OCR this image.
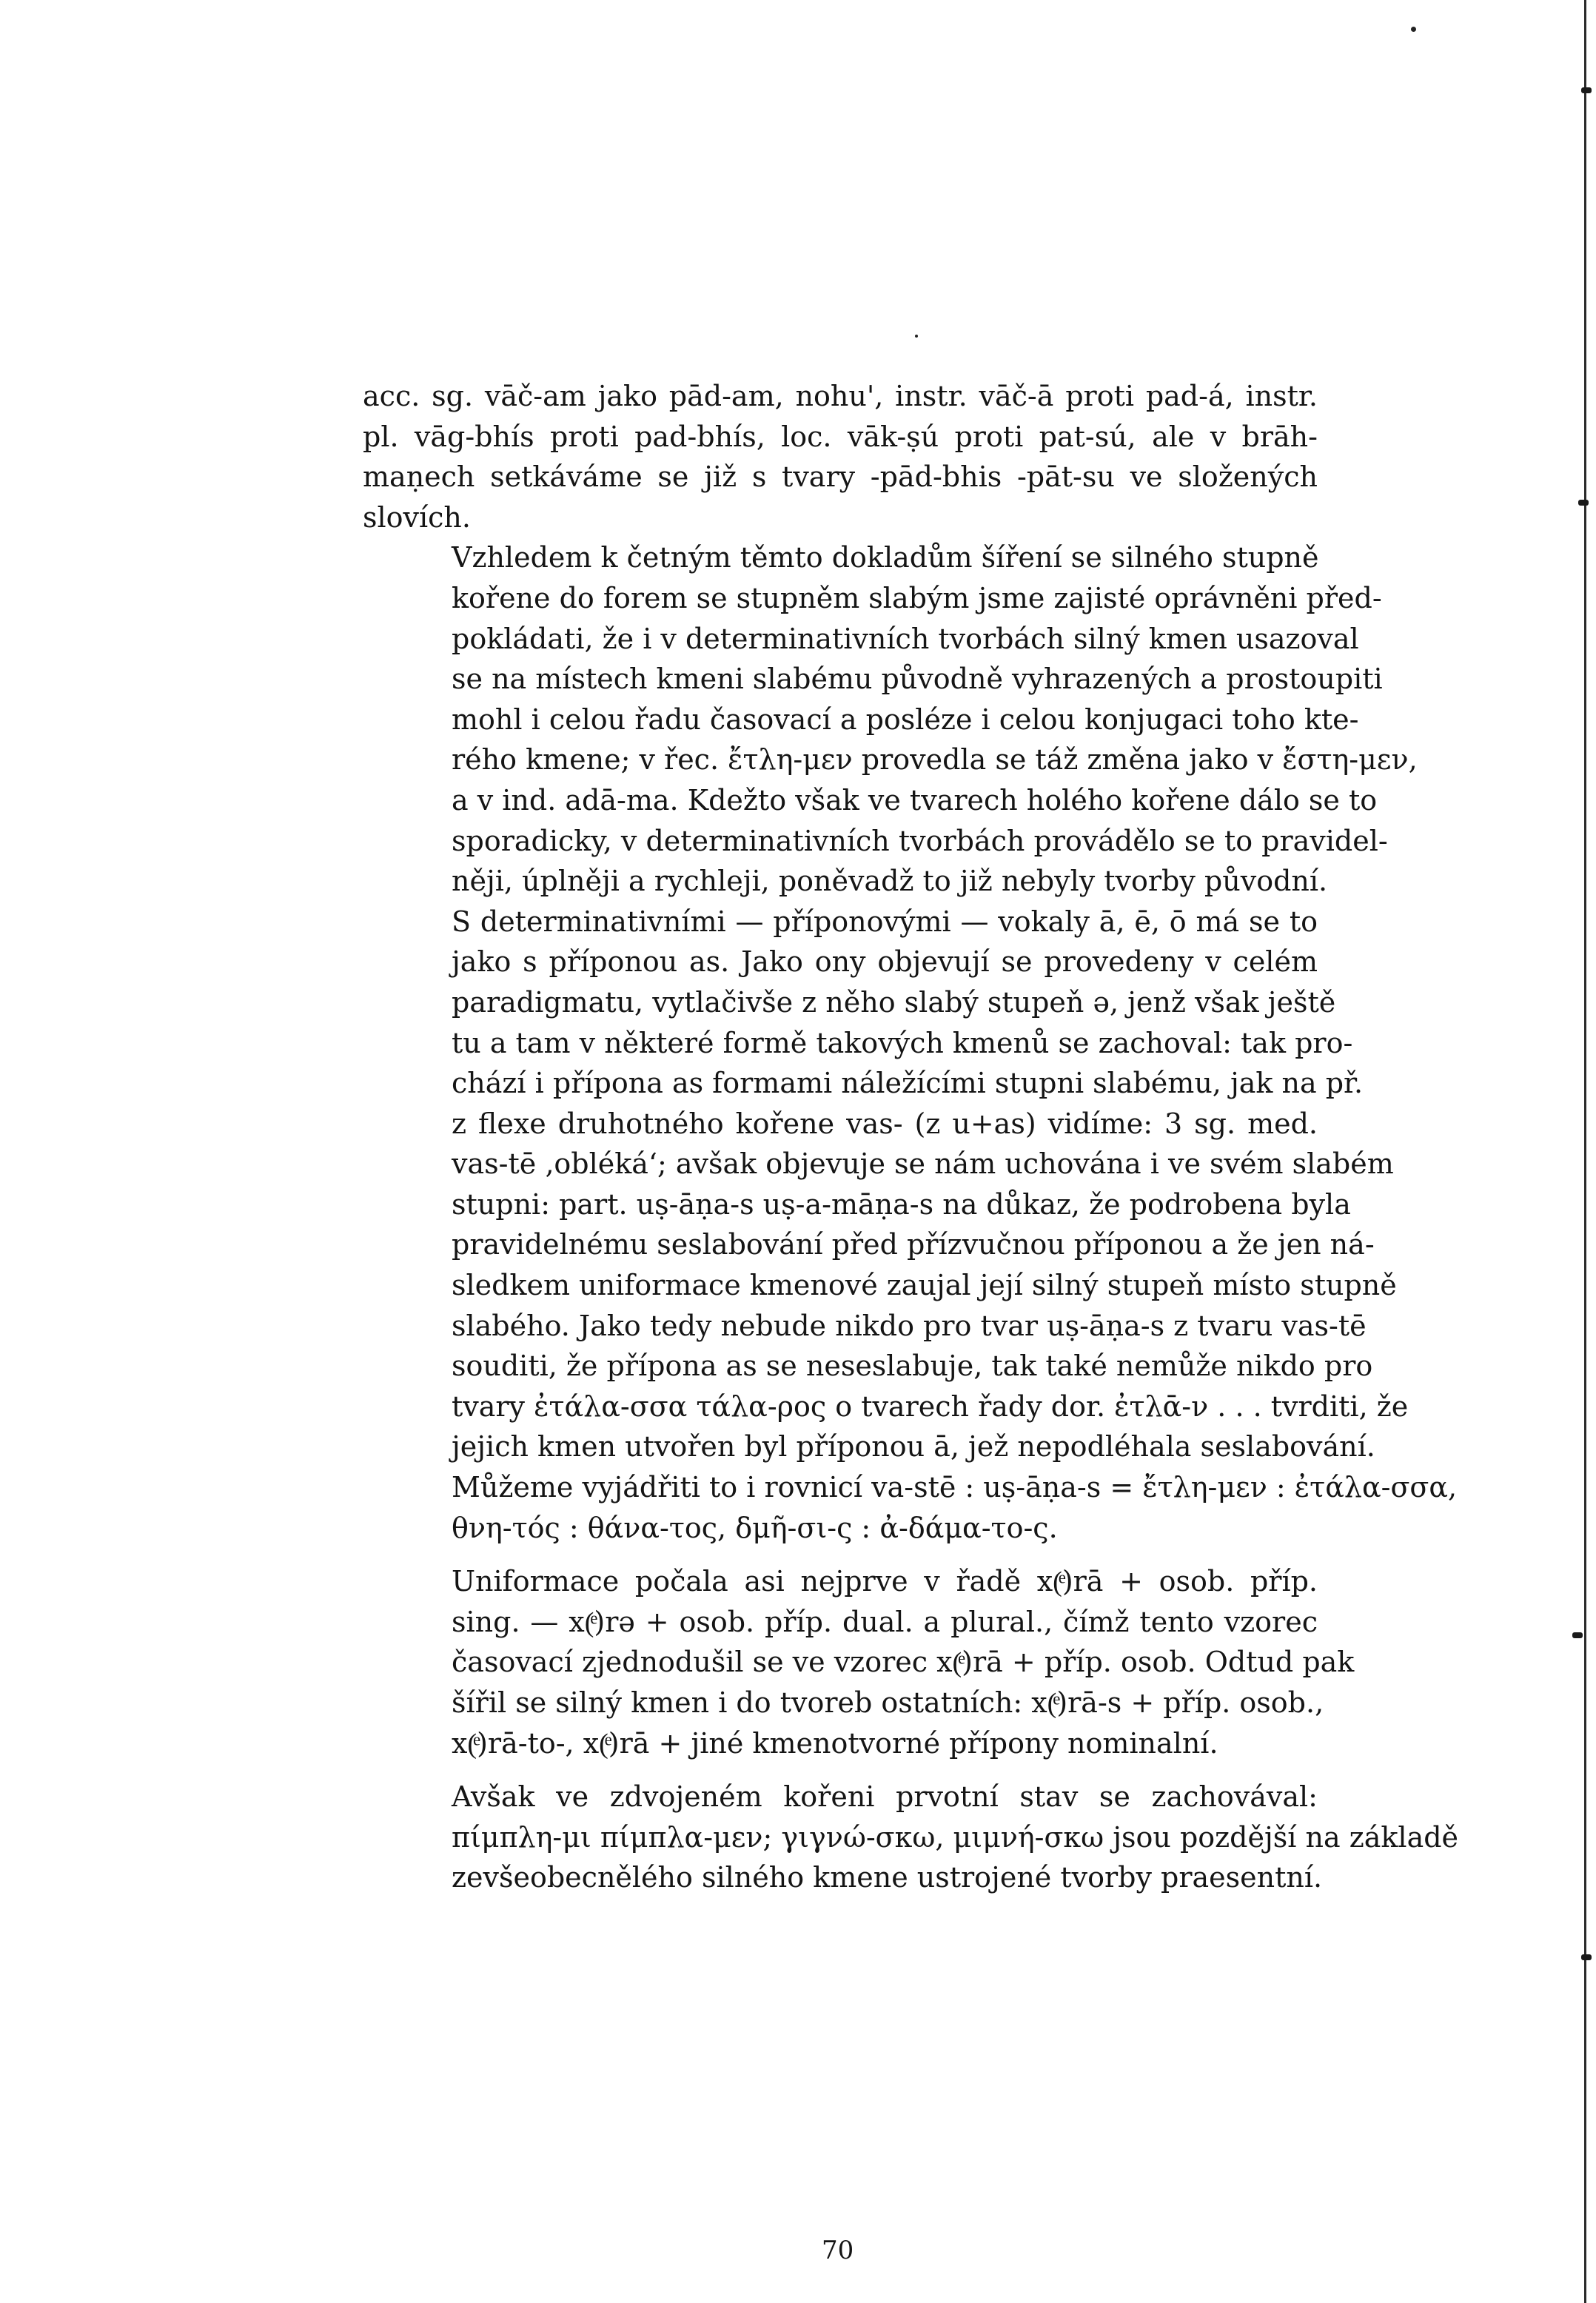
acc. sg. vāč-am jako pād-am, nohu', instr. vāč-ā proti pad-á, instr.
pl. vāg-bhís proti pad-bhís, loc. vāk-ṣú proti pat-sú, ale v brāh-
maṇech setkáváme se již s tvary -pād-bhis -pāt-su ve složených
slovích.
Vzhledem k četným těmto dokladům šíření se silného stupně
kořene do forem se stupněm slabým jsme zajisté oprávněni před-
pokládati, že i v determinativních tvorbách silný kmen usazoval
se na místech kmeni slabému původně vyhrazených a prostoupiti
mohl i celou řadu časovací a posléze i celou konjugaci toho kte-
rého kmene; v řec. ἔτλη-μεν provedla se táž změna jako v ἔστη-μεν,
a v ind. adā-ma. Kdežto však ve tvarech holého kořene dálo se to
sporadicky, v determinativních tvorbách provádělo se to pravidel-
něji, úplněji a rychleji, poněvadž to již nebyly tvorby původní.
S determinativními — příponovými — vokaly ā, ē, ō má se to
jako s příponou as. Jako ony objevují se provedeny v celém
paradigmatu, vytlačivše z něho slabý stupeň ə, jenž však ještě
tu a tam v některé formě takových kmenů se zachoval: tak pro-
chází i přípona as formami náležícími stupni slabému, jak na př.
z flexe druhotného kořene vas- (z u+as) vidíme: 3 sg. med.
vas-tē ‚obléká‘; avšak objevuje se nám uchována i ve svém slabém
stupni: part. uṣ-āṇa-s uṣ-a-māṇa-s na důkaz, že podrobena byla
pravidelnému seslabování před přízvučnou příponou a že jen ná-
sledkem uniformace kmenové zaujal její silný stupeň místo stupně
slabého. Jako tedy nebude nikdo pro tvar uṣ-āṇa-s z tvaru vas-tē
souditi, že přípona as se neseslabuje, tak také nemůže nikdo pro
tvary ἐτάλα-σσα τάλα-ρος o tvarech řady dor. ἐτλᾱ-ν . . . tvrditi, že
jejich kmen utvořen byl příponou ā, jež nepodléhala seslabování.
Můžeme vyjádřiti to i rovnicí va-stē : uṣ-āṇa-s = ἔτλη-μεν : ἐτάλα-σσα,
θνη-τός : θάνα-τος, δμῆ-σι-ς : ἀ-δάμα-το-ς.
Uniformace počala asi nejprve v řadě x(ͤ)rā + osob. příp.
sing. — x(ͤ)rə + osob. příp. dual. a plural., čímž tento vzorec
časovací zjednodušil se ve vzorec x(ͤ)rā + příp. osob. Odtud pak
šířil se silný kmen i do tvoreb ostatních: x(ͤ)rā-s + příp. osob.,
x(ͤ)rā-to-, x(ͤ)rā + jiné kmenotvorné přípony nominalní.
Avšak ve zdvojeném kořeni prvotní stav se zachovával:
πίμπλη-μι πίμπλα-μεν; γιγνώ-σκω, μιμνή-σκω jsou pozdější na základě
zevšeobecnělého silného kmene ustrojené tvorby praesentní.
70
